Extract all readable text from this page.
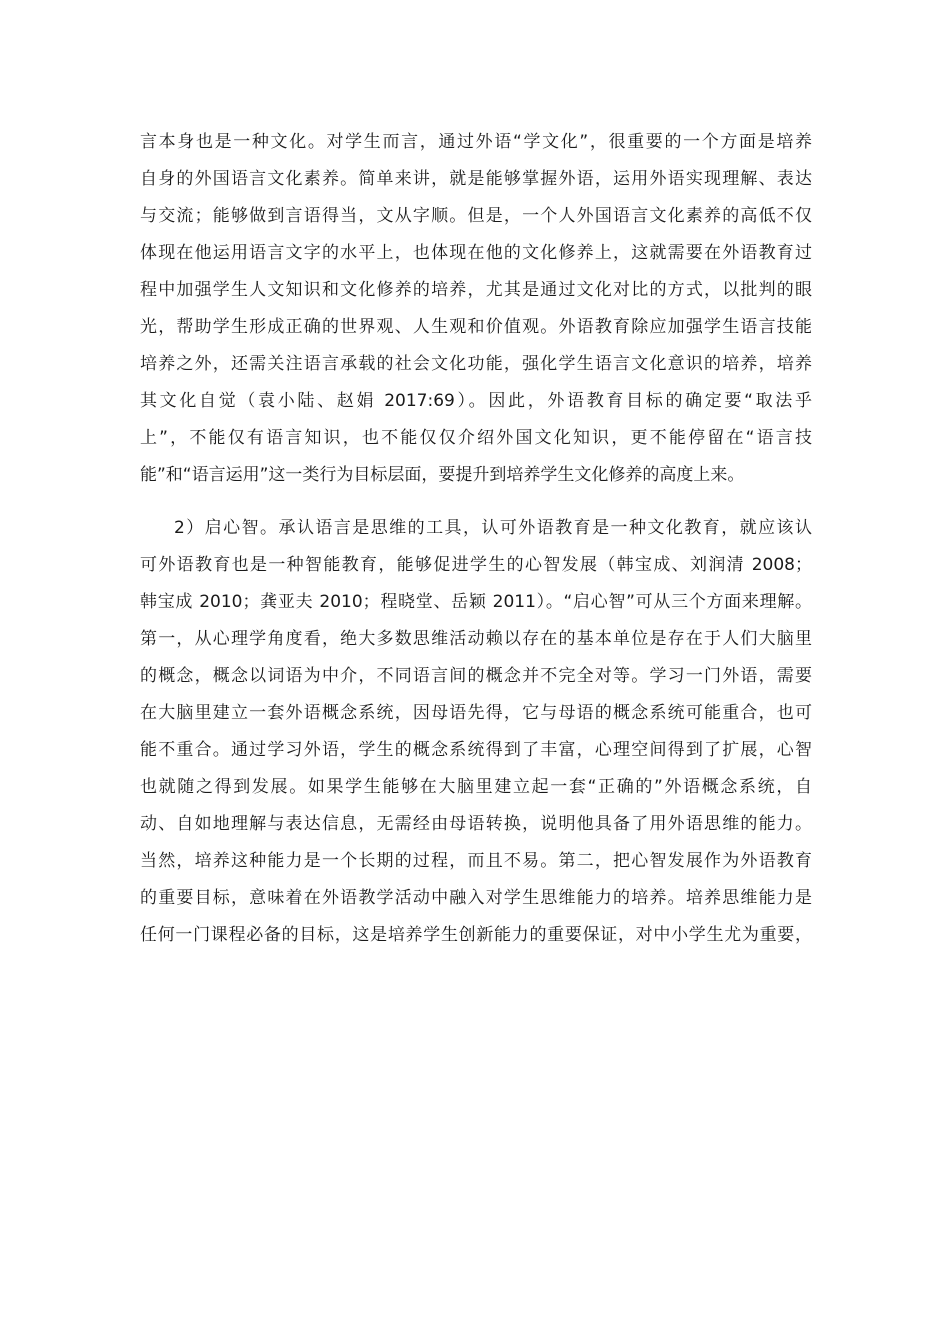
言本身也是一种文化。对学生而言，通过外语“学文化”，很重要的一个方面是培养
自身的外国语言文化素养。简单来讲，就是能够掌握外语，运用外语实现理解、表达
与交流；能够做到言语得当，文从字顺。但是，一个人外国语言文化素养的高低不仅
体现在他运用语言文字的水平上，也体现在他的文化修养上，这就需要在外语教育过
程中加强学生人文知识和文化修养的培养，尤其是通过文化对比的方式，以批判的眼
光，帮助学生形成正确的世界观、人生观和价值观。外语教育除应加强学生语言技能
培养之外，还需关注语言承载的社会文化功能，强化学生语言文化意识的培养，培养
其文化自觉（袁小陆、赵娟 2017:69）。因此，外语教育目标的确定要“取法乎
上”，不能仅有语言知识，也不能仅仅介绍外国文化知识，更不能停留在“语言技
能”和“语言运用”这一类行为目标层面，要提升到培养学生文化修养的高度上来。
2）启心智。承认语言是思维的工具，认可外语教育是一种文化教育，就应该认
可外语教育也是一种智能教育，能够促进学生的心智发展（韩宝成、刘润清 2008；
韩宝成 2010；龚亚夫 2010；程晓堂、岳颖 2011）。“启心智”可从三个方面来理解。
第一，从心理学角度看，绝大多数思维活动赖以存在的基本单位是存在于人们大脑里
的概念，概念以词语为中介，不同语言间的概念并不完全对等。学习一门外语，需要
在大脑里建立一套外语概念系统，因母语先得，它与母语的概念系统可能重合，也可
能不重合。通过学习外语，学生的概念系统得到了丰富，心理空间得到了扩展，心智
也就随之得到发展。如果学生能够在大脑里建立起一套“正确的”外语概念系统，自
动、自如地理解与表达信息，无需经由母语转换，说明他具备了用外语思维的能力。
当然，培养这种能力是一个长期的过程，而且不易。第二，把心智发展作为外语教育
的重要目标，意味着在外语教学活动中融入对学生思维能力的培养。培养思维能力是
任何一门课程必备的目标，这是培养学生创新能力的重要保证，对中小学生尤为重要，
